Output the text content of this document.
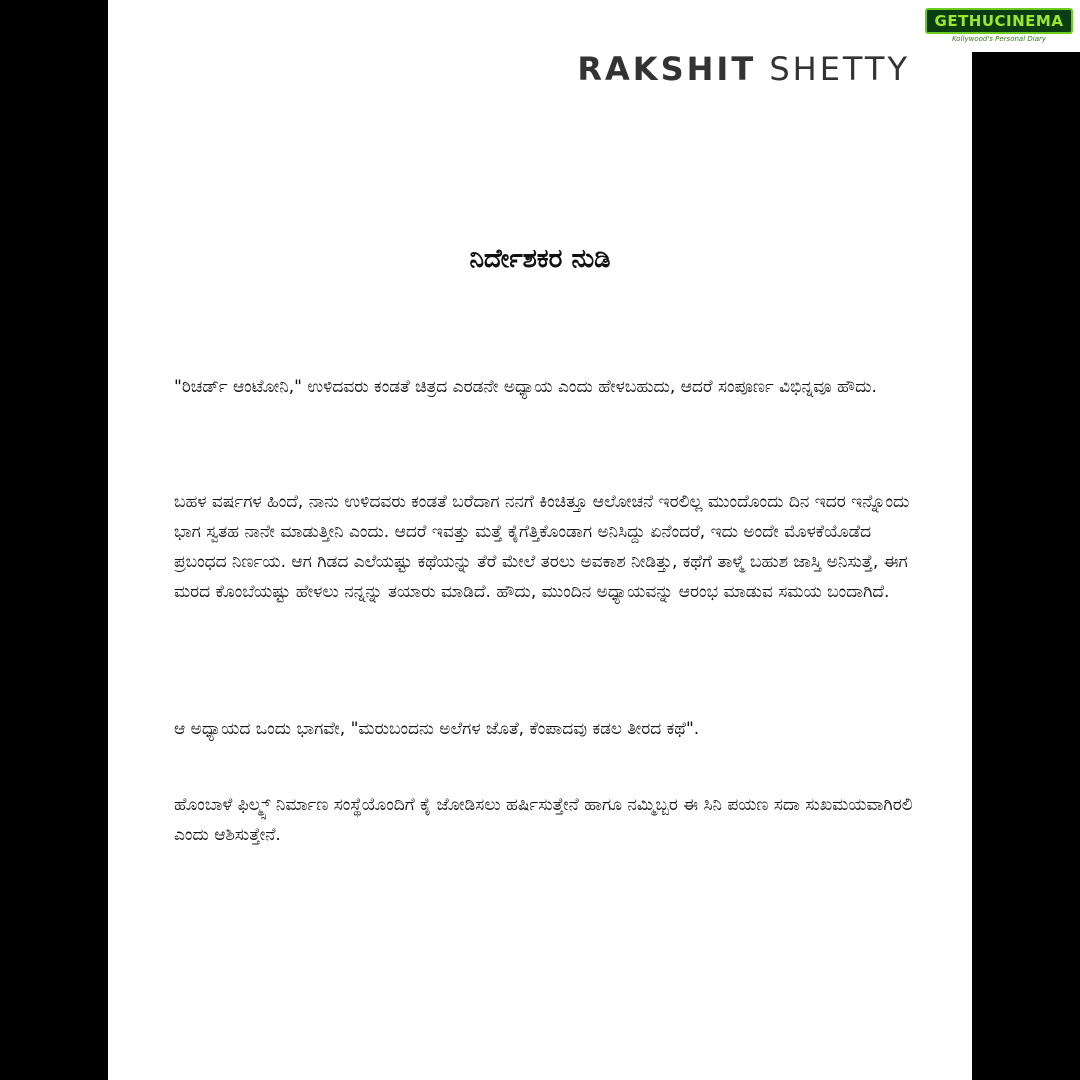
RAKSHIT SHETTY
ನಿರ್ದೇಶಕರ ನುಡಿ
"ರಿಚರ್ಡ್ ಆಂಟೋನಿ," ಉಳಿದವರು ಕಂಡತೆ ಚಿತ್ರದ ಎರಡನೇ ಅಧ್ಯಾಯ ಎಂದು ಹೇಳಬಹುದು, ಆದರೆ ಸಂಪೂರ್ಣ ವಿಭಿನ್ನವೂ ಹೌದು.
ಬಹಳ ವರ್ಷಗಳ ಹಿಂದೆ, ನಾನು ಉಳಿದವರು ಕಂಡತೆ ಬರೆದಾಗ ನನಗೆ ಕಿಂಚಿತ್ತೂ ಆಲೋಚನೆ ಇರಲಿಲ್ಲ ಮುಂದೊಂದು ದಿನ ಇದರ ಇನ್ನೊಂದು ಭಾಗ ಸ್ವತಹ ನಾನೇ ಮಾಡುತ್ತೀನಿ ಎಂದು. ಆದರೆ ಇವತ್ತು ಮತ್ತೆ ಕೈಗೆತ್ತಿಕೊಂಡಾಗ ಅನಿಸಿದ್ದು ಏನೆಂದರೆ, ಇದು ಅಂದೇ ಮೊಳಕೆಯೊಡೆದ ಪ್ರಬಂಧದ ನಿರ್ಣಯ. ಆಗ ಗಿಡದ ಎಲೆಯಷ್ಟು ಕಥೆಯನ್ನು ತೆರೆ ಮೇಲೆ ತರಲು ಅವಕಾಶ ನೀಡಿತ್ತು, ಕಥೆಗೆ ತಾಳ್ಮೆ ಬಹುಶ ಜಾಸ್ತಿ ಅನಿಸುತ್ತೆ, ಈಗ ಮರದ ಕೊಂಬೆಯಷ್ಟು ಹೇಳಲು ನನ್ನನ್ನು ತಯಾರು ಮಾಡಿದೆ. ಹೌದು, ಮುಂದಿನ ಅಧ್ಯಾಯವನ್ನು ಆರಂಭ ಮಾಡುವ ಸಮಯ ಬಂದಾಗಿದೆ.
ಆ ಅಧ್ಯಾಯದ ಒಂದು ಭಾಗವೇ, "ಮರುಬಂದನು ಅಲೆಗಳ ಜೊತೆ, ಕೆಂಪಾದವು ಕಡಲ ತೀರದ ಕಥೆ".
ಹೊಂಬಾಳೆ ಫಿಲ್ಮ್ಸ್ ನಿರ್ಮಾಣ ಸಂಸ್ಥೆಯೊಂದಿಗೆ ಕೈ ಜೋಡಿಸಲು ಹರ್ಷಿಸುತ್ತೇನೆ ಹಾಗೂ ನಮ್ಮಿಬ್ಬರ ಈ ಸಿನಿ ಪಯಣ ಸದಾ ಸುಖಮಯವಾಗಿರಲಿ ಎಂದು ಆಶಿಸುತ್ತೇನೆ.
GETHUCINEMA
Kollywood's Personal Diary
